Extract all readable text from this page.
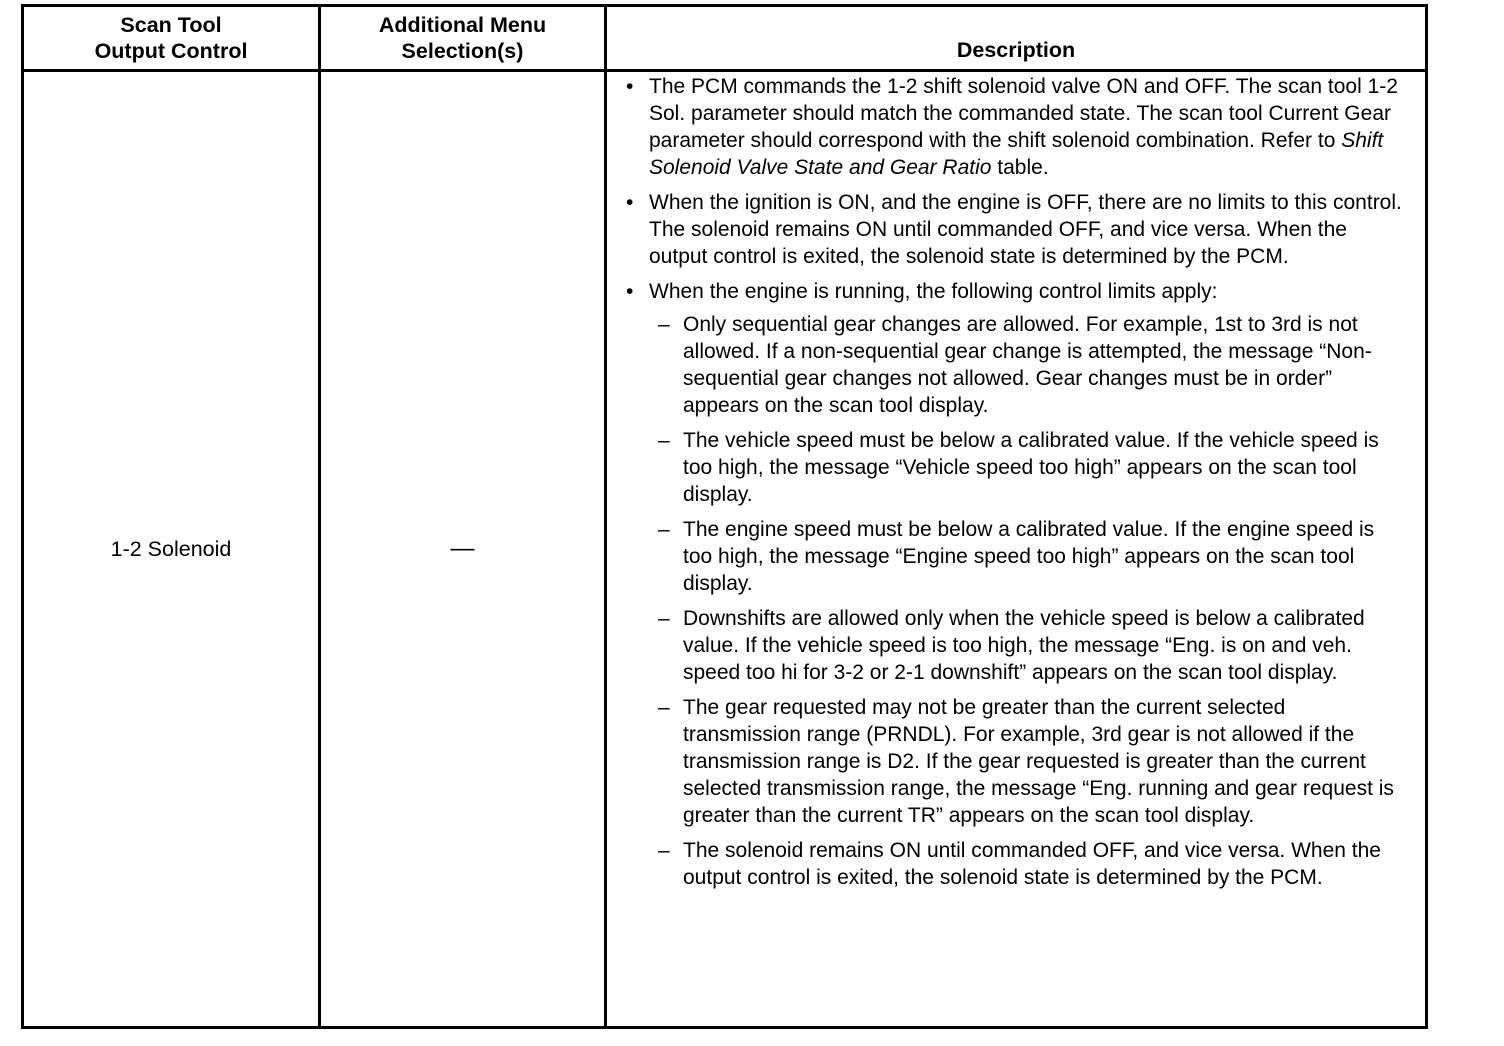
Scan Tool
Output Control
Additional Menu
Selection(s)	Description
1-2 Solenoid	—
• The PCM commands the 1-2 shift solenoid valve ON and OFF. The scan tool 1-2 Sol. parameter should match the commanded state. The scan tool Current Gear parameter should correspond with the shift solenoid combination. Refer to Shift Solenoid Valve State and Gear Ratio table.
• When the ignition is ON, and the engine is OFF, there are no limits to this control. The solenoid remains ON until commanded OFF, and vice versa. When the output control is exited, the solenoid state is determined by the PCM.
• When the engine is running, the following control limits apply:
– Only sequential gear changes are allowed. For example, 1st to 3rd is not allowed. If a non-sequential gear change is attempted, the message “Non-sequential gear changes not allowed. Gear changes must be in order” appears on the scan tool display.
– The vehicle speed must be below a calibrated value. If the vehicle speed is too high, the message “Vehicle speed too high” appears on the scan tool display.
– The engine speed must be below a calibrated value. If the engine speed is too high, the message “Engine speed too high” appears on the scan tool display.
– Downshifts are allowed only when the vehicle speed is below a calibrated value. If the vehicle speed is too high, the message “Eng. is on and veh. speed too hi for 3-2 or 2-1 downshift” appears on the scan tool display.
– The gear requested may not be greater than the current selected transmission range (PRNDL). For example, 3rd gear is not allowed if the transmission range is D2. If the gear requested is greater than the current selected transmission range, the message “Eng. running and gear request is greater than the current TR” appears on the scan tool display.
– The solenoid remains ON until commanded OFF, and vice versa. When the output control is exited, the solenoid state is determined by the PCM.
